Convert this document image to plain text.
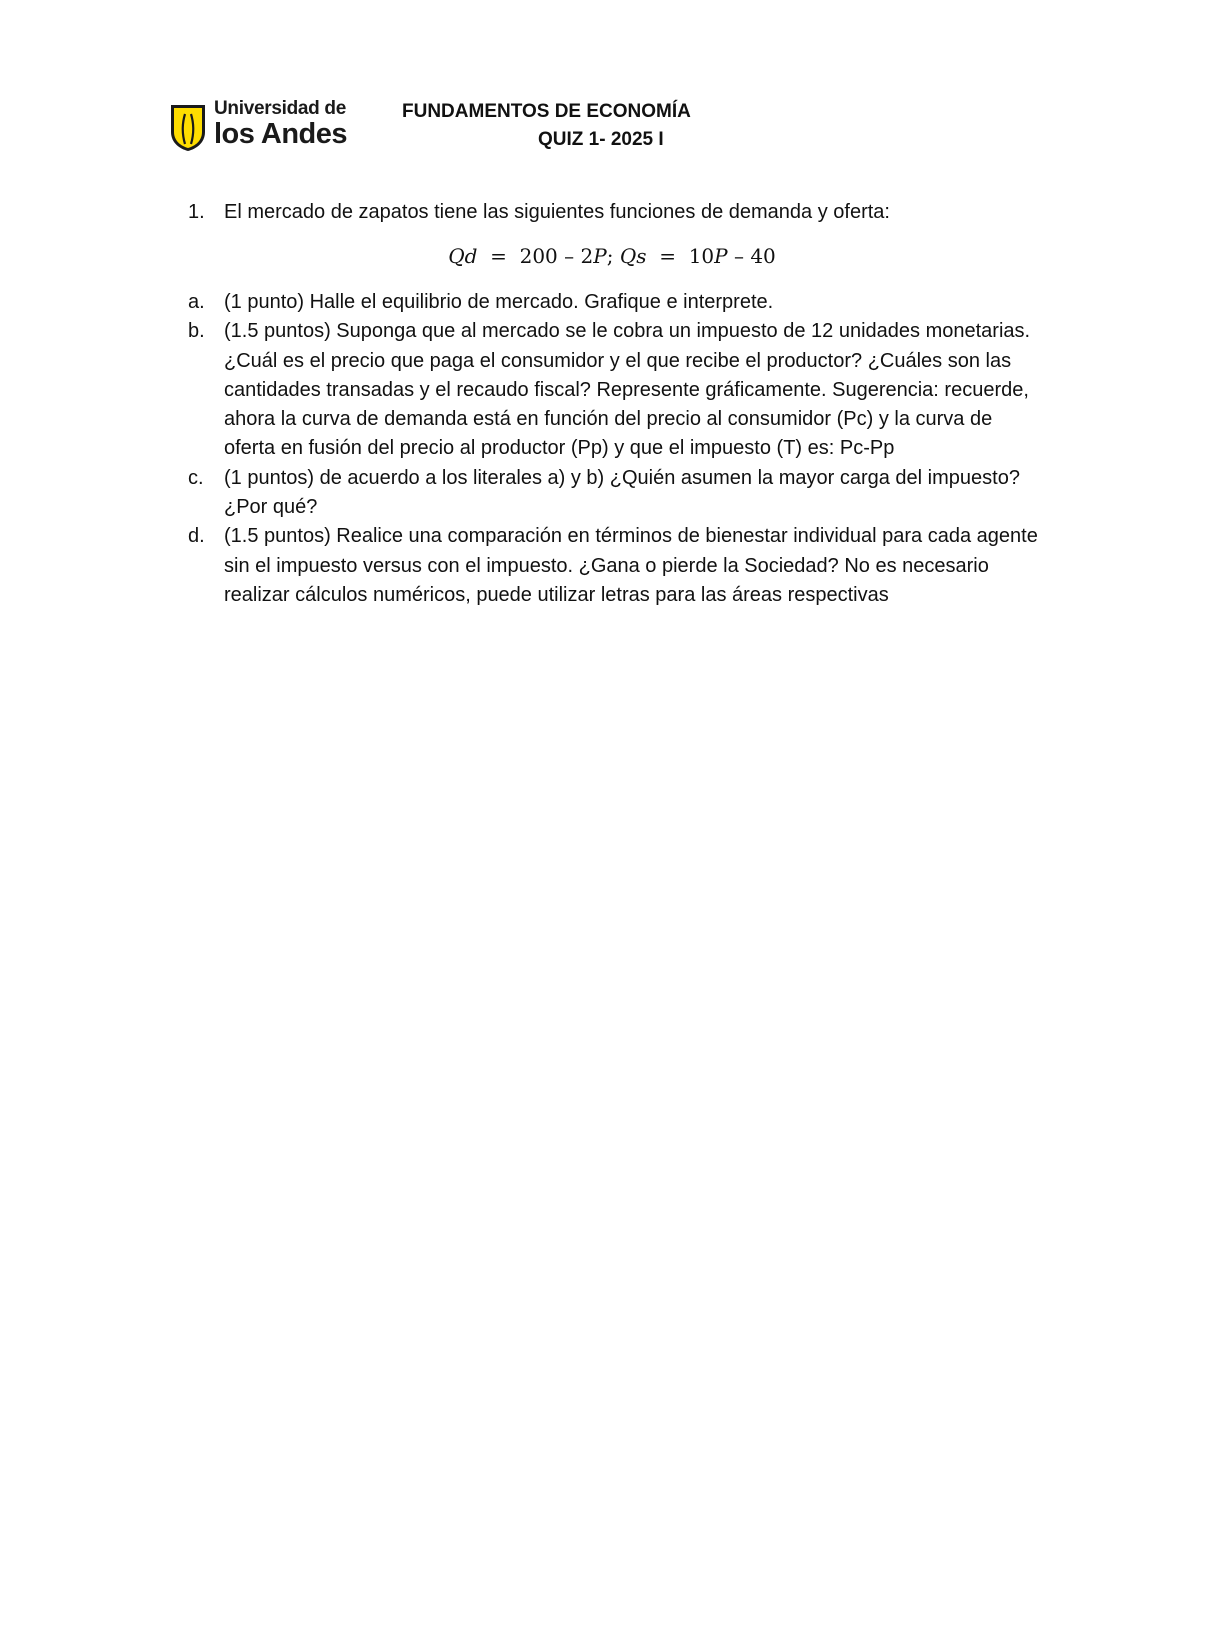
Universidad de
los Andes
FUNDAMENTOS DE ECONOMÍA
QUIZ 1- 2025 I
1. El mercado de zapatos tiene las siguientes funciones de demanda y oferta:
Qd = 200 – 2P; Qs = 10P – 40
a. (1 punto) Halle el equilibrio de mercado. Grafique e interprete.
b. (1.5 puntos) Suponga que al mercado se le cobra un impuesto de 12 unidades monetarias.
¿Cuál es el precio que paga el consumidor y el que recibe el productor? ¿Cuáles son las
cantidades transadas y el recaudo fiscal? Represente gráficamente. Sugerencia: recuerde,
ahora la curva de demanda está en función del precio al consumidor (Pc) y la curva de
oferta en fusión del precio al productor (Pp) y que el impuesto (T) es: Pc-Pp
c. (1 puntos) de acuerdo a los literales a) y b) ¿Quién asumen la mayor carga del impuesto?
¿Por qué?
d. (1.5 puntos) Realice una comparación en términos de bienestar individual para cada agente
sin el impuesto versus con el impuesto. ¿Gana o pierde la Sociedad? No es necesario
realizar cálculos numéricos, puede utilizar letras para las áreas respectivas
